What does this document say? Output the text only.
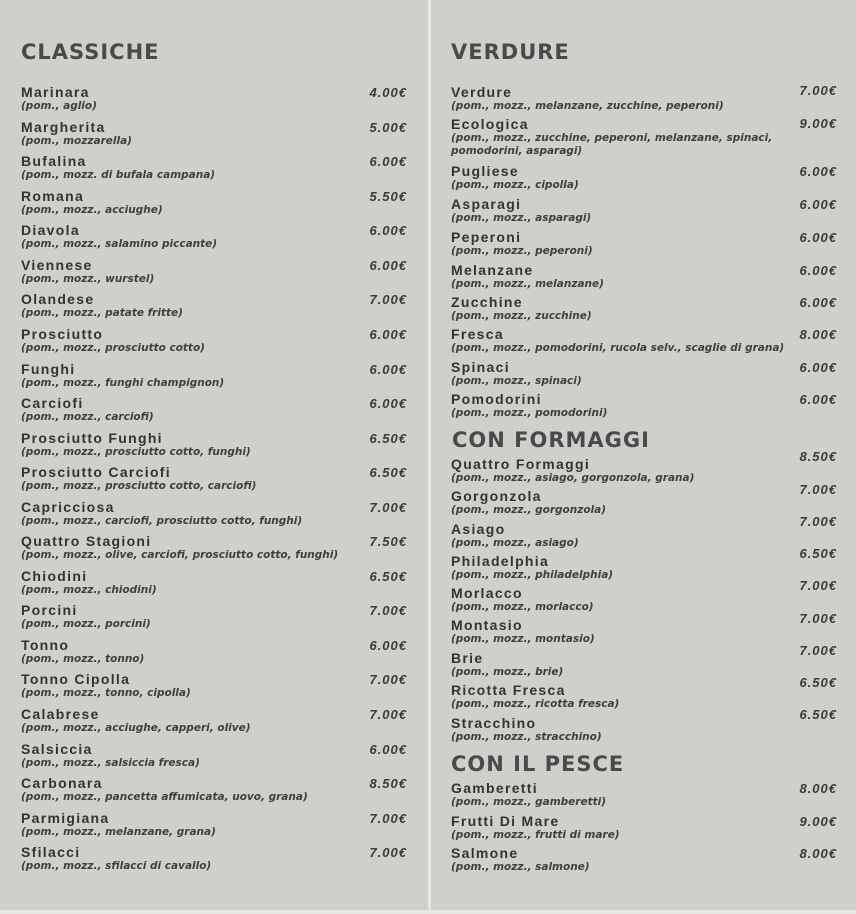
CLASSICHE
Marinara
(pom., aglio)
4.00€
Margherita
(pom., mozzarella)
5.00€
Bufalina
(pom., mozz. di bufala campana)
6.00€
Romana
(pom., mozz., acciughe)
5.50€
Diavola
(pom., mozz., salamino piccante)
6.00€
Viennese
(pom., mozz., wurstel)
6.00€
Olandese
(pom., mozz., patate fritte)
7.00€
Prosciutto
(pom., mozz., prosciutto cotto)
6.00€
Funghi
(pom., mozz., funghi champignon)
6.00€
Carciofi
(pom., mozz., carciofi)
6.00€
Prosciutto Funghi
(pom., mozz., prosciutto cotto, funghi)
6.50€
Prosciutto Carciofi
(pom., mozz., prosciutto cotto, carciofi)
6.50€
Capricciosa
(pom., mozz., carciofi, prosciutto cotto, funghi)
7.00€
Quattro Stagioni
(pom., mozz., olive, carciofi, prosciutto cotto, funghi)
7.50€
Chiodini
(pom., mozz., chiodini)
6.50€
Porcini
(pom., mozz., porcini)
7.00€
Tonno
(pom., mozz., tonno)
6.00€
Tonno Cipolla
(pom., mozz., tonno, cipolla)
7.00€
Calabrese
(pom., mozz., acciughe, capperi, olive)
7.00€
Salsiccia
(pom., mozz., salsiccia fresca)
6.00€
Carbonara
(pom., mozz., pancetta affumicata, uovo, grana)
8.50€
Parmigiana
(pom., mozz., melanzane, grana)
7.00€
Sfilacci
(pom., mozz., sfilacci di cavallo)
7.00€
VERDURE
Verdure
(pom., mozz., melanzane, zucchine, peperoni)
7.00€
Ecologica
(pom., mozz., zucchine, peperoni, melanzane, spinaci, pomodorini, asparagi)
9.00€
Pugliese
(pom., mozz., cipolla)
6.00€
Asparagi
(pom., mozz., asparagi)
6.00€
Peperoni
(pom., mozz., peperoni)
6.00€
Melanzane
(pom., mozz., melanzane)
6.00€
Zucchine
(pom., mozz., zucchine)
6.00€
Fresca
(pom., mozz., pomodorini, rucola selv., scaglie di grana)
8.00€
Spinaci
(pom., mozz., spinaci)
6.00€
Pomodorini
(pom., mozz., pomodorini)
6.00€
CON FORMAGGI
Quattro Formaggi
(pom., mozz., asiago, gorgonzola, grana)
8.50€
Gorgonzola
(pom., mozz., gorgonzola)
7.00€
Asiago
(pom., mozz., asiago)
7.00€
Philadelphia
(pom., mozz., philadelphia)
6.50€
Morlacco
(pom., mozz., morlacco)
7.00€
Montasio
(pom., mozz., montasio)
7.00€
Brie
(pom., mozz., brie)
7.00€
Ricotta Fresca
(pom., mozz., ricotta fresca)
6.50€
Stracchino
(pom., mozz., stracchino)
6.50€
CON IL PESCE
Gamberetti
(pom., mozz., gamberetti)
8.00€
Frutti Di Mare
(pom., mozz., frutti di mare)
9.00€
Salmone
(pom., mozz., salmone)
8.00€
